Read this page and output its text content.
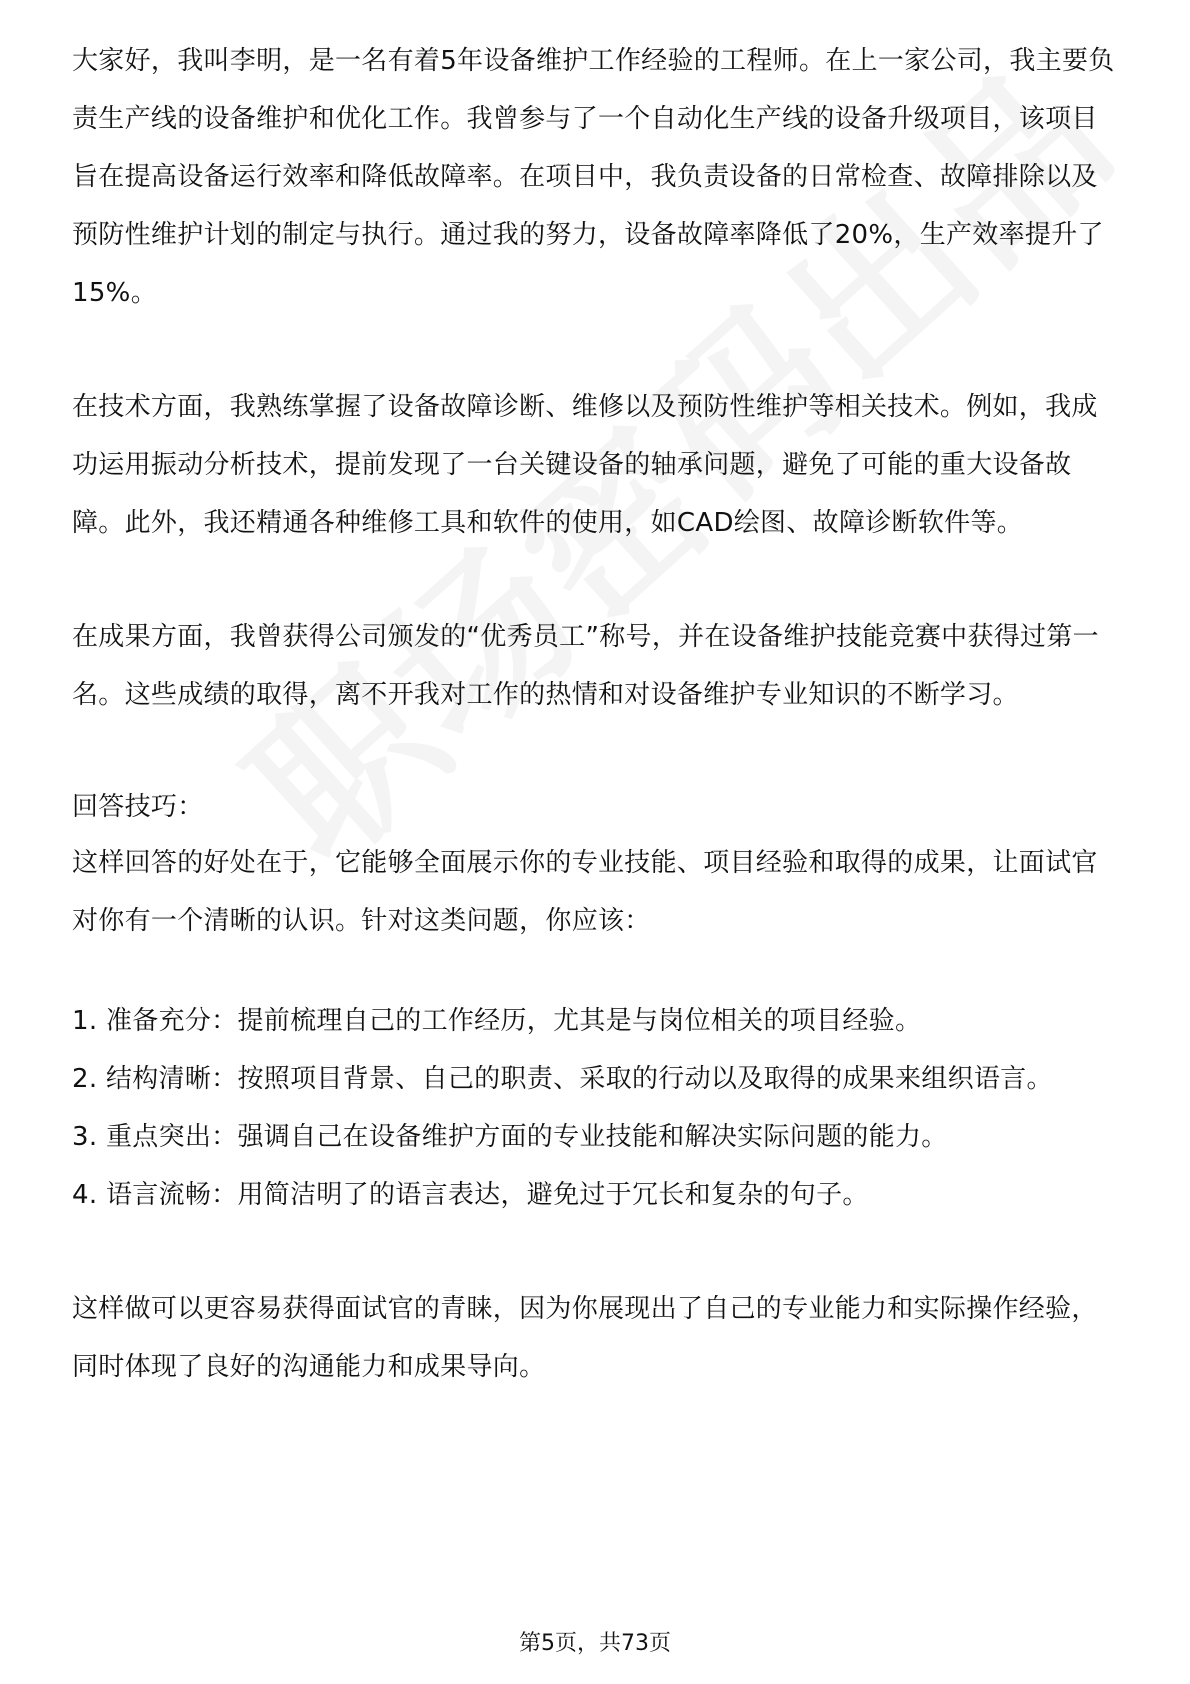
大家好，我叫李明，是一名有着5年设备维护工作经验的工程师。在上一家公司，我主要负责生产线的设备维护和优化工作。我曾参与了一个自动化生产线的设备升级项目，该项目旨在提高设备运行效率和降低故障率。在项目中，我负责设备的日常检查、故障排除以及预防性维护计划的制定与执行。通过我的努力，设备故障率降低了20%，生产效率提升了15%。

在技术方面，我熟练掌握了设备故障诊断、维修以及预防性维护等相关技术。例如，我成功运用振动分析技术，提前发现了一台关键设备的轴承问题，避免了可能的重大设备故障。此外，我还精通各种维修工具和软件的使用，如CAD绘图、故障诊断软件等。

在成果方面，我曾获得公司颁发的“优秀员工”称号，并在设备维护技能竞赛中获得过第一名。这些成绩的取得，离不开我对工作的热情和对设备维护专业知识的不断学习。

回答技巧：

这样回答的好处在于，它能够全面展示你的专业技能、项目经验和取得的成果，让面试官对你有一个清晰的认识。针对这类问题，你应该：

1. 准备充分：提前梳理自己的工作经历，尤其是与岗位相关的项目经验。

2. 结构清晰：按照项目背景、自己的职责、采取的行动以及取得的成果来组织语言。

3. 重点突出：强调自己在设备维护方面的专业技能和解决实际问题的能力。

4. 语言流畅：用简洁明了的语言表达，避免过于冗长和复杂的句子。

这样做可以更容易获得面试官的青睐，因为你展现出了自己的专业能力和实际操作经验，同时体现了良好的沟通能力和成果导向。

第5页，共73页
